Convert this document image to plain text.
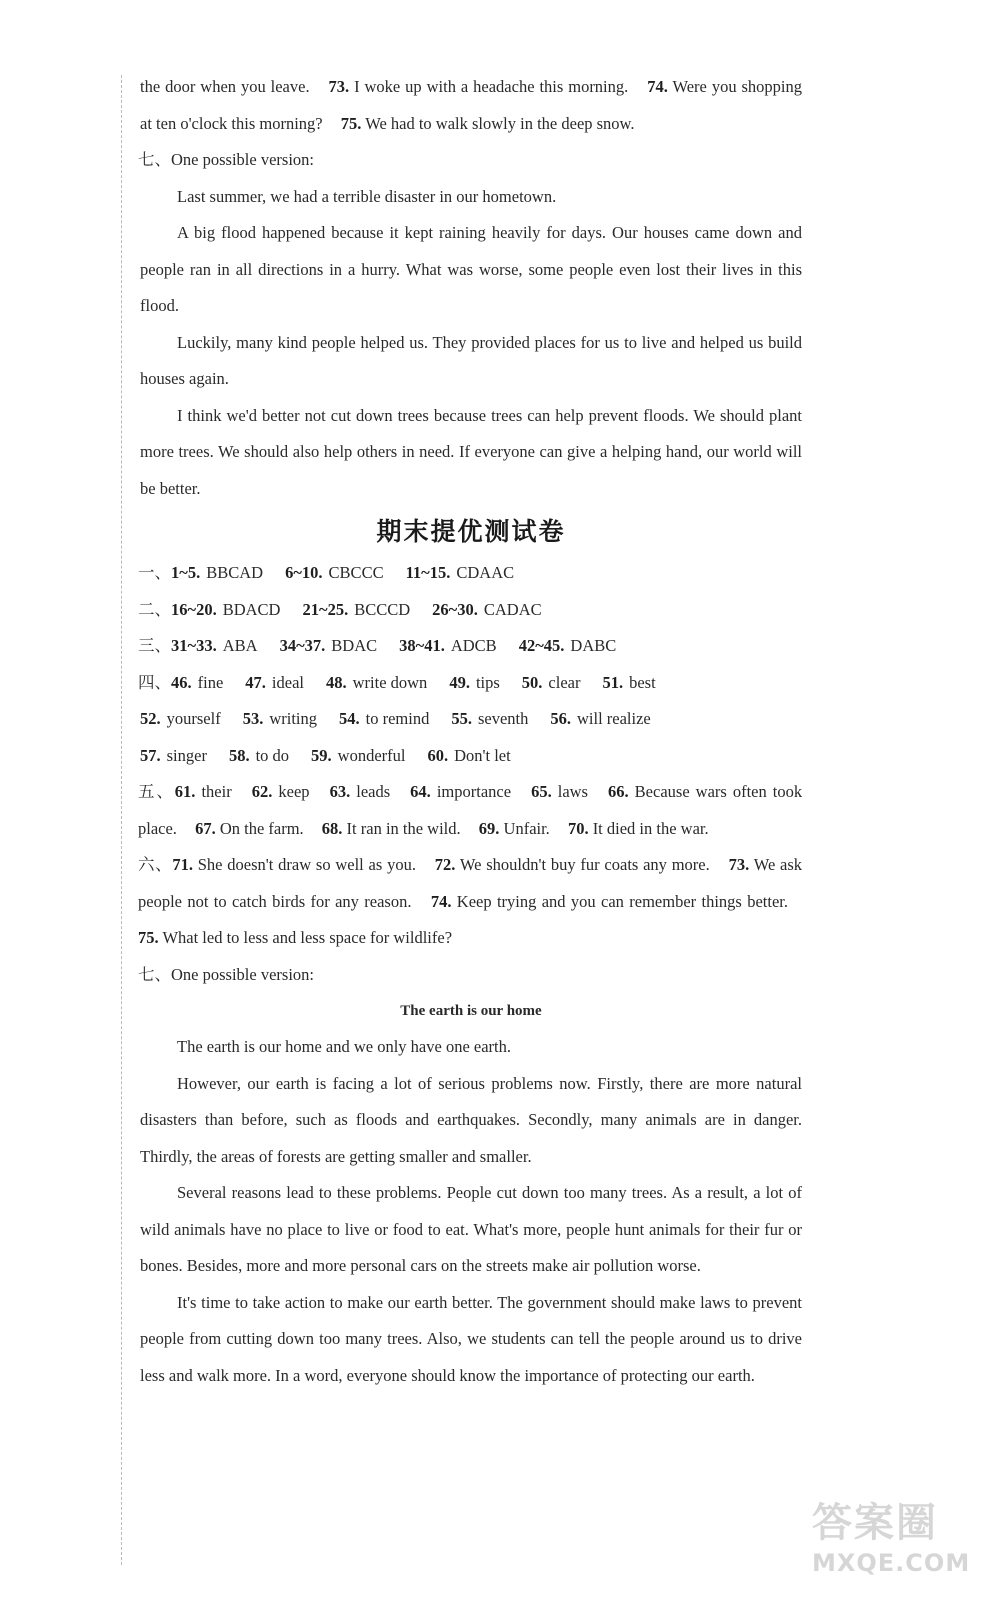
the door when you leave. 73. I woke up with a headache this morning. 74. Were you shopping at ten o'clock this morning? 75. We had to walk slowly in the deep snow.

七、One possible version:

Last summer, we had a terrible disaster in our hometown.

A big flood happened because it kept raining heavily for days. Our houses came down and people ran in all directions in a hurry. What was worse, some people even lost their lives in this flood.

Luckily, many kind people helped us. They provided places for us to live and helped us build houses again.

I think we'd better not cut down trees because trees can help prevent floods. We should plant more trees. We should also help others in need. If everyone can give a helping hand, our world will be better.

期末提优测试卷

一、1~5. BBCAD 6~10. CBCCC 11~15. CDAAC

二、16~20. BDACD 21~25. BCCCD 26~30. CADAC

三、31~33. ABA 34~37. BDAC 38~41. ADCB 42~45. DABC

四、46. fine 47. ideal 48. write down 49. tips 50. clear 51. best

52. yourself 53. writing 54. to remind 55. seventh 56. will realize

57. singer 58. to do 59. wonderful 60. Don't let

五、61. their 62. keep 63. leads 64. importance 65. laws 66. Because wars often took place. 67. On the farm. 68. It ran in the wild. 69. Unfair. 70. It died in the war.

六、71. She doesn't draw so well as you. 72. We shouldn't buy fur coats any more. 73. We ask people not to catch birds for any reason. 74. Keep trying and you can remember things better. 75. What led to less and less space for wildlife?

七、One possible version:

The earth is our home

The earth is our home and we only have one earth.

However, our earth is facing a lot of serious problems now. Firstly, there are more natural disasters than before, such as floods and earthquakes. Secondly, many animals are in danger. Thirdly, the areas of forests are getting smaller and smaller.

Several reasons lead to these problems. People cut down too many trees. As a result, a lot of wild animals have no place to live or food to eat. What's more, people hunt animals for their fur or bones. Besides, more and more personal cars on the streets make air pollution worse.

It's time to take action to make our earth better. The government should make laws to prevent people from cutting down too many trees. Also, we students can tell the people around us to drive less and walk more. In a word, everyone should know the importance of protecting our earth.

答案圈
MXQE.COM
